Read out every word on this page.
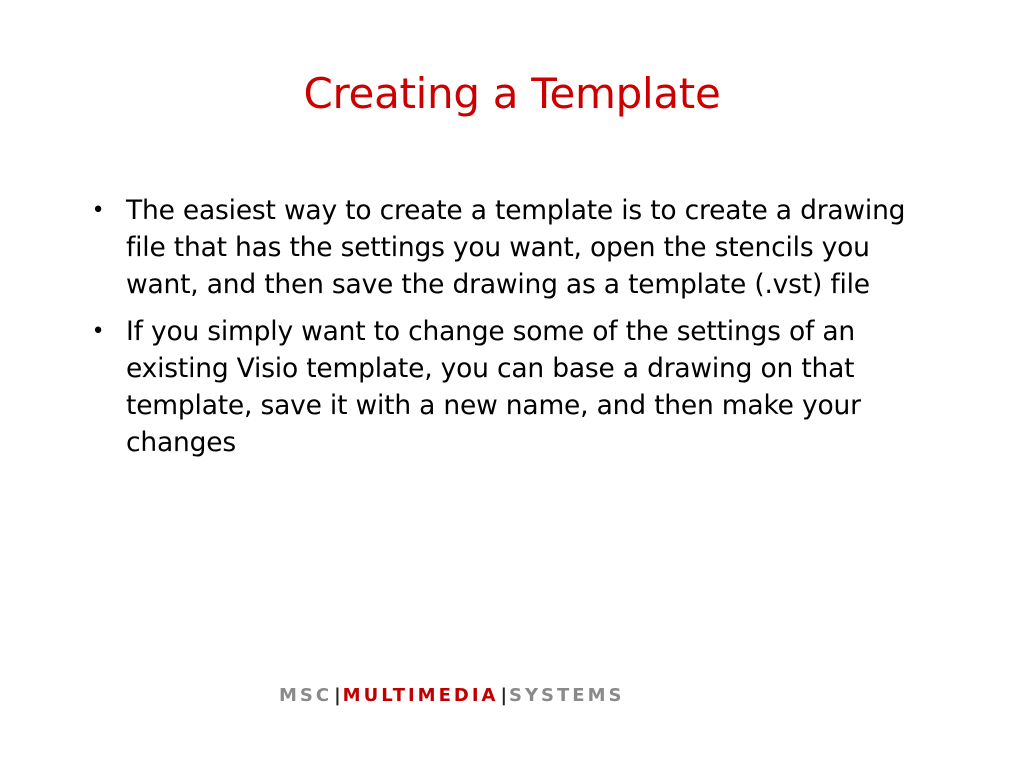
Creating a Template
• The easiest way to create a template is to create a drawing file that has the settings you want, open the stencils you want, and then save the drawing as a template (.vst) file
• If you simply want to change some of the settings of an existing Visio template, you can base a drawing on that template, save it with a new name, and then make your changes
MSC | MULTIMEDIA | SYSTEMS
